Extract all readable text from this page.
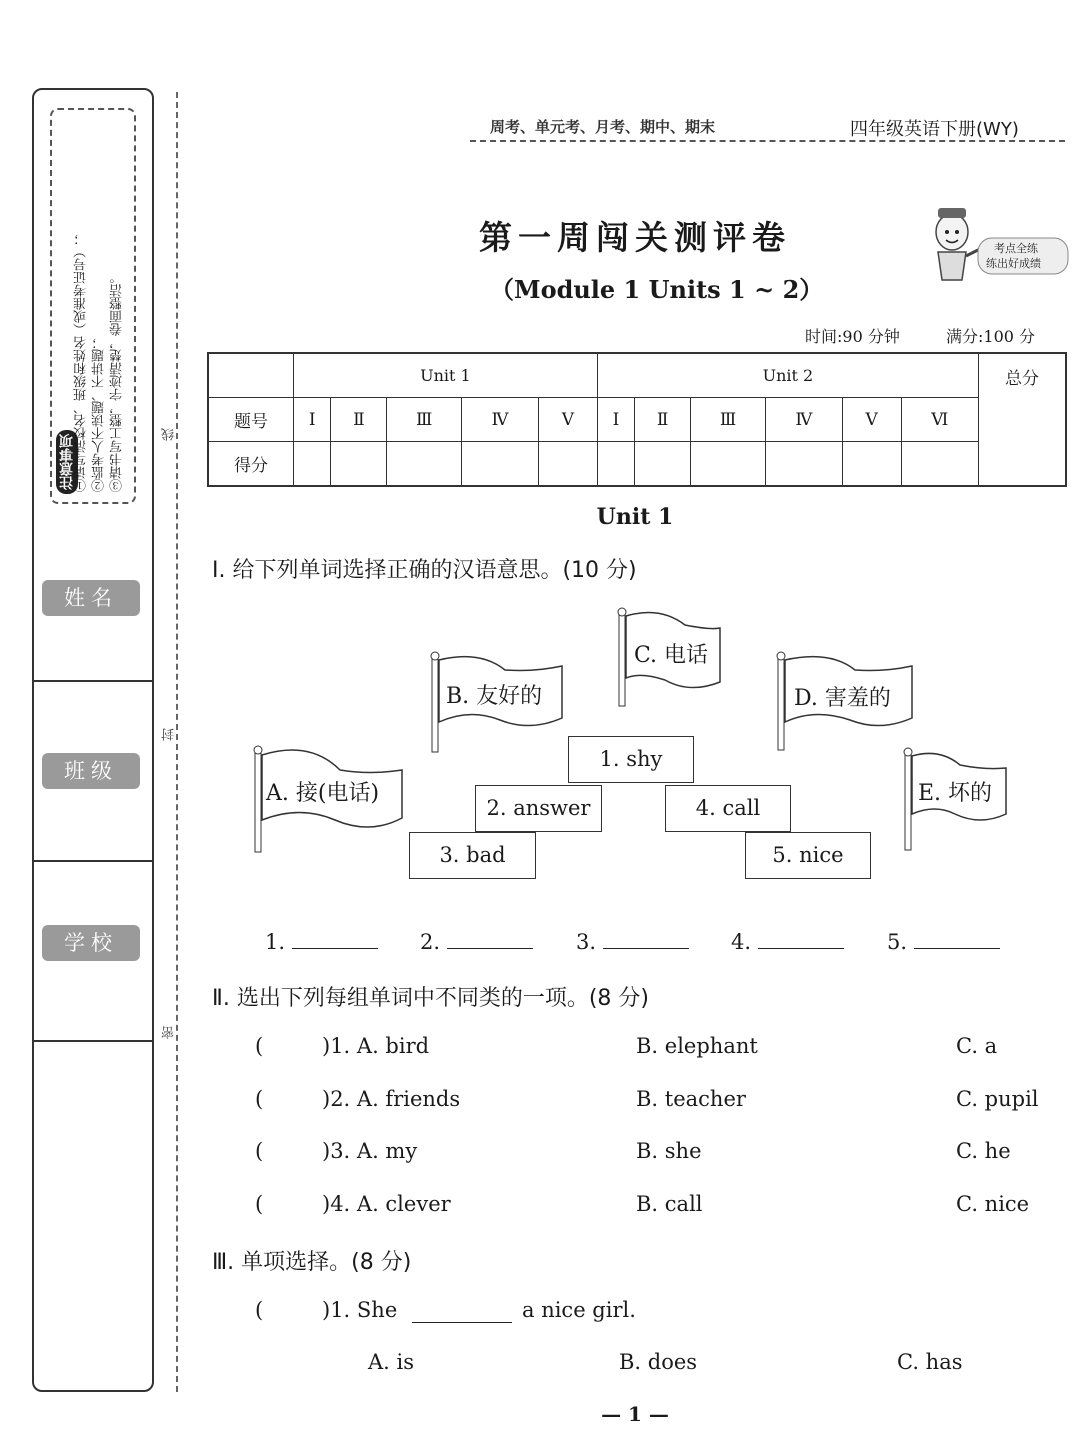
注意事项 ①请写清校名、班级和姓名（或准考证号）； ②监考人不读题、不讲题； ③请书写工整，字迹清楚，卷面整洁。
姓名
班级
学校
线
封
密
周考、单元考、月考、期中、期末	四年级英语下册(WY)
第一周闯关测评卷
（Module 1 Units 1 ~ 2）
考点全练
练出好成绩
时间:90 分钟	满分:100 分
	Unit 1					Unit 2						总分
题号	Ⅰ	Ⅱ	Ⅲ	Ⅳ	Ⅴ	Ⅰ	Ⅱ	Ⅲ	Ⅳ	Ⅴ	Ⅵ	
得分												
Unit 1
Ⅰ. 给下列单词选择正确的汉语意思。(10 分)
A. 接(电话)
B. 友好的
C. 电话
D. 害羞的
E. 坏的
1. shy
2. answer
3. bad
4. call
5. nice
1.	2.	3.	4.	5.
Ⅱ. 选出下列每组单词中不同类的一项。(8 分)
(	)1. A. bird	B. elephant	C. a
(	)2. A. friends	B. teacher	C. pupil
(	)3. A. my	B. she	C. he
(	)4. A. clever	B. call	C. nice
Ⅲ. 单项选择。(8 分)
(	)1. She	a nice girl.
A. is	B. does	C. has
— 1 —
